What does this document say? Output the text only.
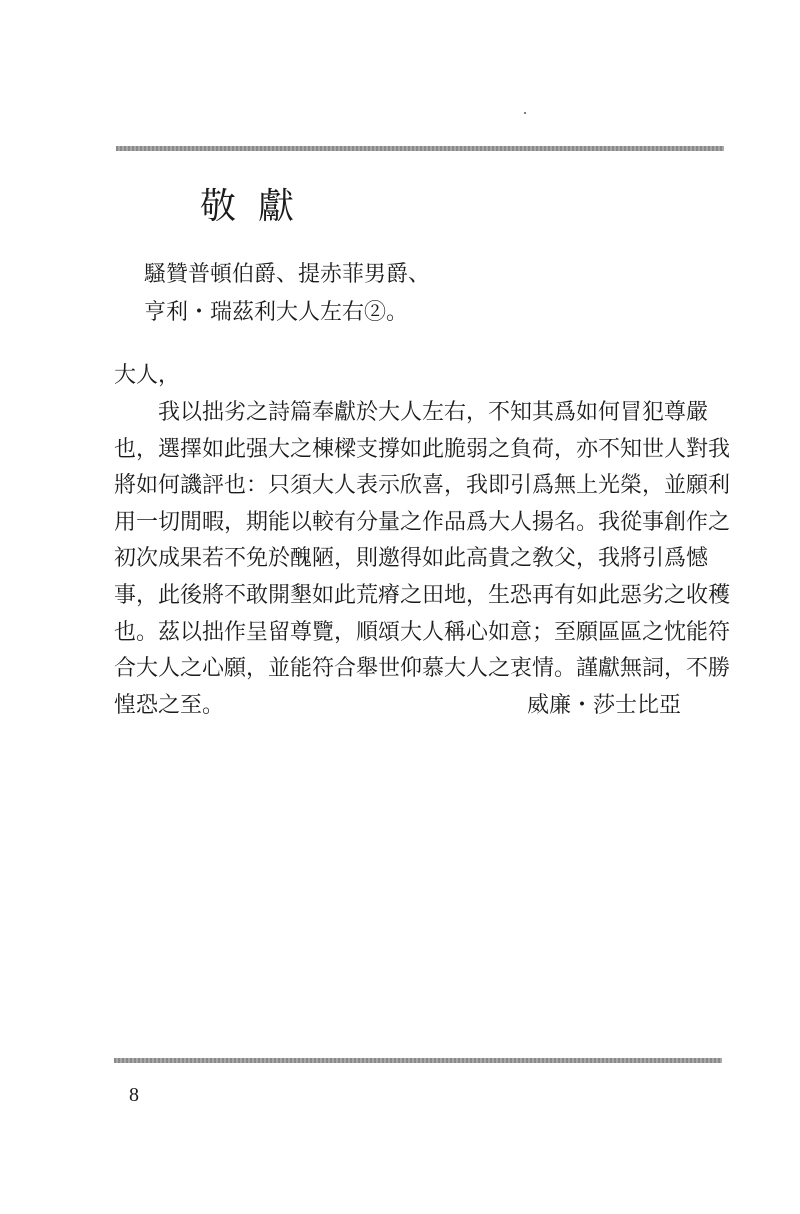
敬獻
騷贊普頓伯爵、提赤菲男爵、
亨利・瑞茲利大人左右②。
大人，
我以拙劣之詩篇奉獻於大人左右，不知其爲如何冒犯尊嚴
也，選擇如此强大之棟樑支撐如此脆弱之負荷，亦不知世人對我
將如何譏評也：只須大人表示欣喜，我即引爲無上光榮，並願利
用一切閒暇，期能以較有分量之作品爲大人揚名。我從事創作之
初次成果若不免於醜陋，則邀得如此高貴之敎父，我將引爲憾
事，此後將不敢開墾如此荒瘠之田地，生恐再有如此惡劣之收穫
也。茲以拙作呈留尊覽，順頌大人稱心如意；至願區區之忱能符
合大人之心願，並能符合舉世仰慕大人之衷情。謹獻無詞，不勝
惶恐之至。	威廉・莎士比亞
8
